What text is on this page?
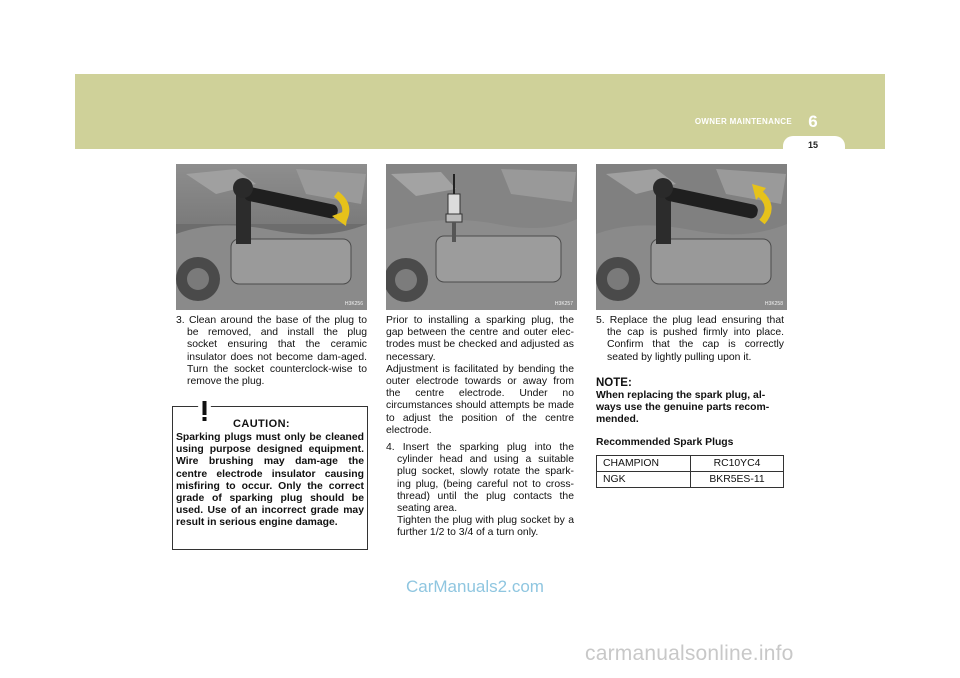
OWNER MAINTENANCE 6
15
H3K256	H3K257	H3K258
3. Clean around the base of the plug to be removed, and install the plug socket ensuring that the ceramic insulator does not become dam-aged. Turn the socket counterclock-wise to remove the plug.
CAUTION:

Sparking plugs must only be cleaned using purpose designed equipment. Wire brushing may dam-age the centre electrode insulator causing misfiring to occur. Only the correct grade of sparking plug should be used. Use of an incorrect grade may result in serious engine damage.

Prior to installing a sparking plug, the gap between the centre and outer elec-trodes must be checked and adjusted as necessary.

Adjustment is facilitated by bending the outer electrode towards or away from the centre electrode. Under no circumstances should attempts be made to adjust the position of the centre electrode.

4. Insert the sparking plug into the cylinder head and using a suitable plug socket, slowly rotate the spark-ing plug, (being careful not to cross-thread) until the plug contacts the seating area.

Tighten the plug with plug socket by a further 1/2 to 3/4 of a turn only.

5. Replace the plug lead ensuring that the cap is pushed firmly into place. Confirm that the cap is correctly seated by lightly pulling upon it.
NOTE:

When replacing the spark plug, al-ways use the genuine parts recom-mended.

Recommended Spark Plugs
CHAMPION	RC10YC4
NGK	BKR5ES-11
CarManuals2.com
carmanualsonline.info
